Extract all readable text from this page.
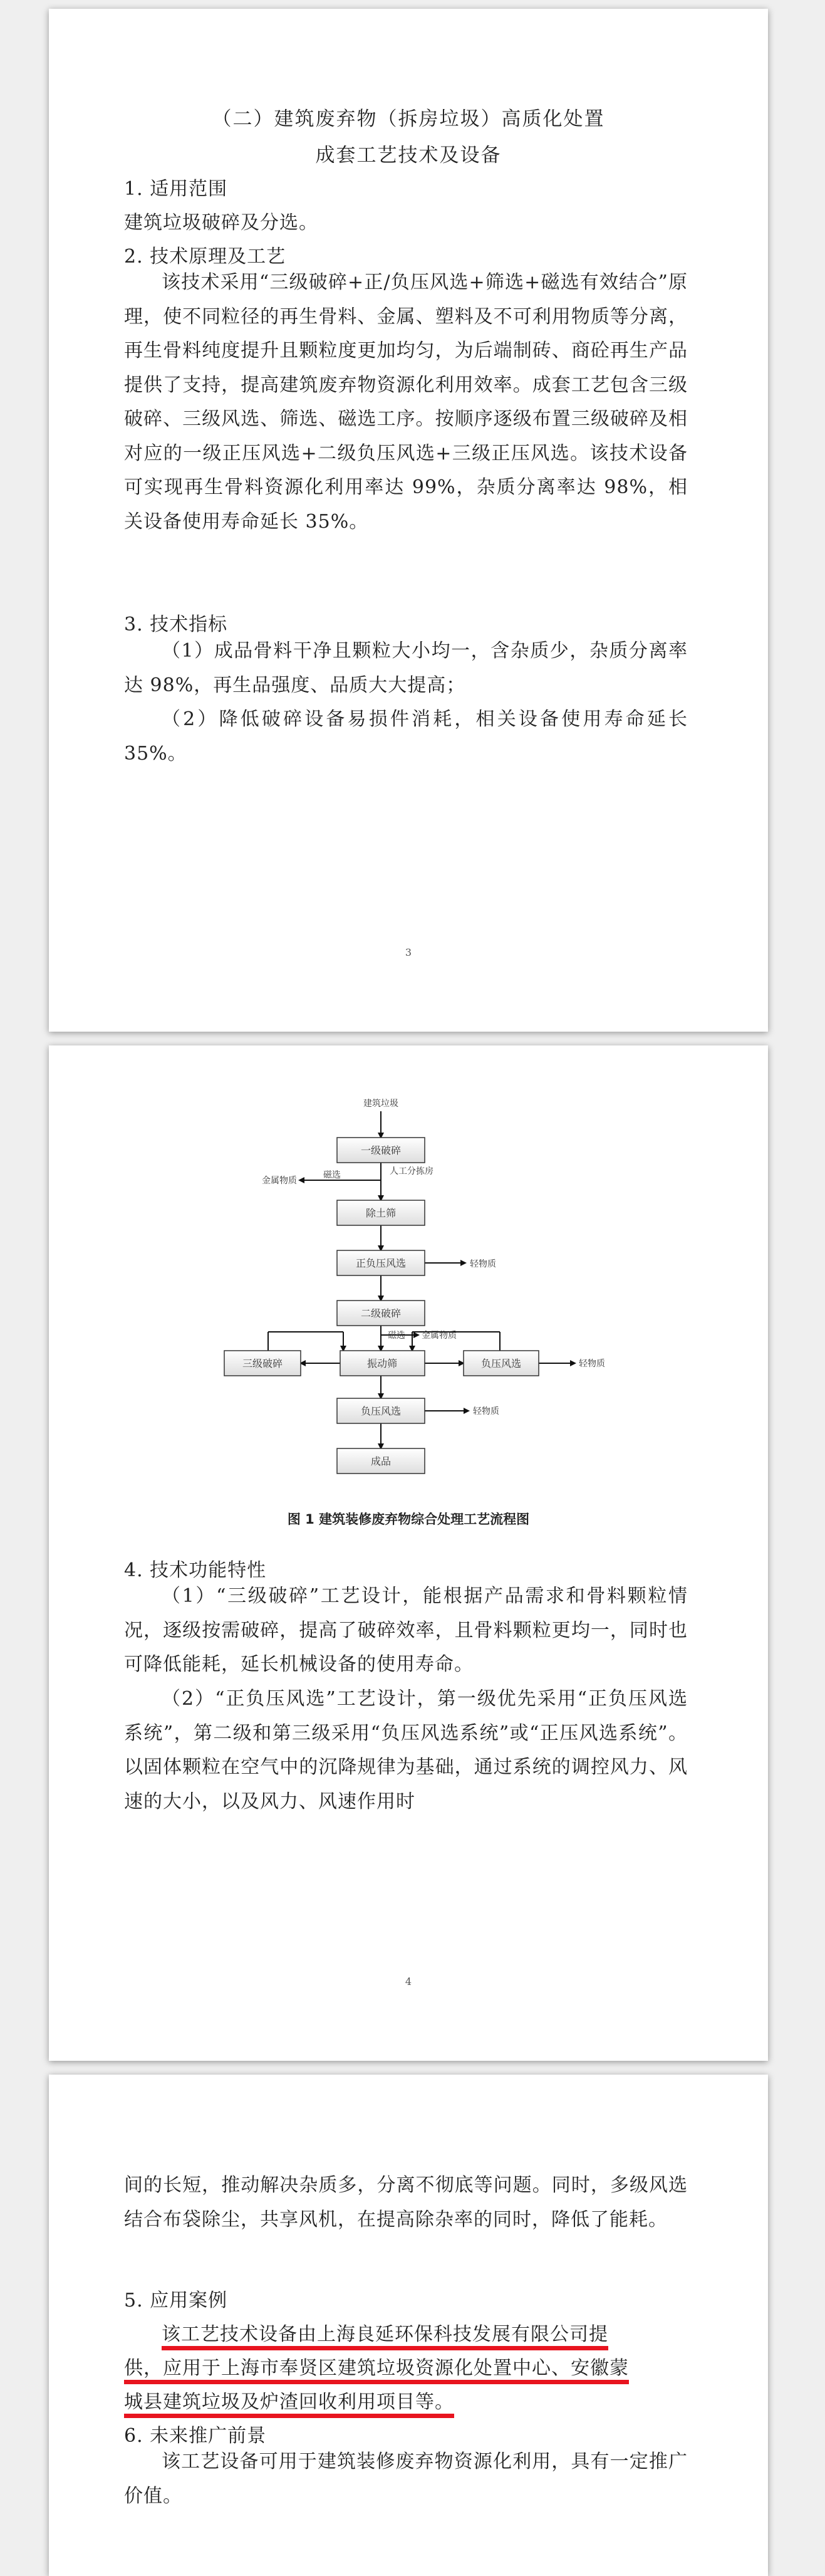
（二）建筑废弃物（拆房垃圾）高质化处置
成套工艺技术及设备
1. 适用范围
建筑垃圾破碎及分选。
2. 技术原理及工艺

该技术采用“三级破碎+正/负压风选+筛选+磁选有效结合”原理，使不同粒径的再生骨料、金属、塑料及不可利用物质等分离，再生骨料纯度提升且颗粒度更加均匀，为后端制砖、商砼再生产品提供了支持，提高建筑废弃物资源化利用效率。成套工艺包含三级破碎、三级风选、筛选、磁选工序。按顺序逐级布置三级破碎及相对应的一级正压风选+二级负压风选+三级正压风选。该技术设备可实现再生骨料资源化利用率达 99%，杂质分离率达 98%，相关设备使用寿命延长 35%。

3. 技术指标

（1）成品骨料干净且颗粒大小均一，含杂质少，杂质分离率达 98%，再生品强度、品质大大提高；

（2）降低破碎设备易损件消耗，相关设备使用寿命延长 35%。

3
建筑垃圾
一级破碎
除土筛
正负压风选
二级破碎
三级破碎	振动筛	负压风选
负压风选
成品
人工分拣房
磁选
金属物质
轻物质
磁选 金属物质
轻物质
轻物质
图 1 建筑装修废弃物综合处理工艺流程图
4. 技术功能特性

（1）“三级破碎”工艺设计，能根据产品需求和骨料颗粒情况，逐级按需破碎，提高了破碎效率，且骨料颗粒更均一，同时也可降低能耗，延长机械设备的使用寿命。

（2）“正负压风选”工艺设计，第一级优先采用“正负压风选系统”，第二级和第三级采用“负压风选系统”或“正压风选系统”。以固体颗粒在空气中的沉降规律为基础，通过系统的调控风力、风速的大小，以及风力、风速作用时

4

间的长短，推动解决杂质多，分离不彻底等问题。同时，多级风选结合布袋除尘，共享风机，在提高除杂率的同时，降低了能耗。

5. 应用案例
该工艺技术设备由上海良延环保科技发展有限公司提
供，应用于上海市奉贤区建筑垃圾资源化处置中心、安徽蒙
城县建筑垃圾及炉渣回收利用项目等。
6. 未来推广前景

该工艺设备可用于建筑装修废弃物资源化利用，具有一定推广价值。
